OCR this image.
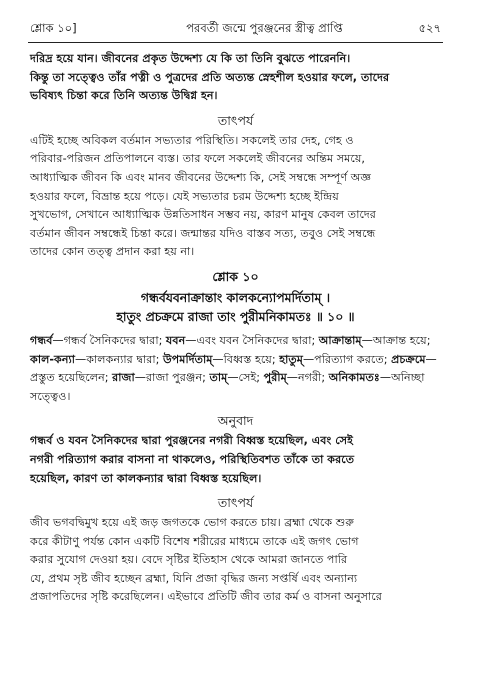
শ্লোক ১০]	পরবর্তী জন্মে পুরঞ্জনের স্ত্রীত্ব প্রাপ্তি	৫২৭

দরিদ্র হয়ে যান। জীবনের প্রকৃত উদ্দেশ্য যে কি তা তিনি বুঝতে পারেননি।

কিন্তু তা সত্ত্বেও তাঁর পত্নী ও পুত্রদের প্রতি অত্যন্ত স্নেহশীল হওয়ার ফলে, তাদের

ভবিষ্যৎ চিন্তা করে তিনি অত্যন্ত উদ্বিগ্ন হন।

তাৎপর্য

এটিই হচ্ছে অবিকল বর্তমান সভ্যতার পরিস্থিতি। সকলেই তার দেহ, গেহ ও

পরিবার-পরিজন প্রতিপালনে ব্যস্ত। তার ফলে সকলেই জীবনের অন্তিম সময়ে,

আধ্যাত্মিক জীবন কি এবং মানব জীবনের উদ্দেশ্য কি, সেই সম্বন্ধে সম্পূর্ণ অজ্ঞ

হওয়ার ফলে, বিভ্রান্ত হয়ে পড়ে। যেই সভ্যতার চরম উদ্দেশ্য হচ্ছে ইন্দ্রিয়

সুখভোগ, সেখানে আধ্যাত্মিক উন্নতিসাধন সম্ভব নয়, কারণ মানুষ কেবল তাদের

বর্তমান জীবন সম্বন্ধেই চিন্তা করে। জন্মান্তর যদিও বাস্তব সত্য, তবুও সেই সম্বন্ধে

তাদের কোন তত্ত্ব প্রদান করা হয় না।

শ্লোক ১০
গন্ধর্বযবনাক্রান্তাং কালকন্যোপমর্দিতাম্ ।
হাতুং প্রচক্রমে রাজা তাং পুরীমনিকামতঃ ॥ ১০ ॥
গন্ধর্ব—গন্ধর্ব সৈনিকদের দ্বারা; যবন—এবং যবন সৈনিকদের দ্বারা; আক্রান্তাম্—আক্রান্ত হয়ে; কাল-কন্যা—কালকন্যার দ্বারা; উপমর্দিতাম্—বিধ্বস্ত হয়ে; হাতুম্—পরিত্যাগ করতে; প্রচক্রমে—প্রস্তুত হয়েছিলেন; রাজা—রাজা পুরঞ্জন; তাম্—সেই; পুরীম্—নগরী; অনিকামতঃ—অনিচ্ছা সত্ত্বেও।
অনুবাদ

গন্ধর্ব ও যবন সৈনিকদের দ্বারা পুরঞ্জনের নগরী বিধ্বস্ত হয়েছিল, এবং সেই

নগরী পরিত্যাগ করার বাসনা না থাকলেও, পরিস্থিতিবশত তাঁকে তা করতে

হয়েছিল, কারণ তা কালকন্যার দ্বারা বিধ্বস্ত হয়েছিল।

তাৎপর্য

জীব ভগবদ্বিমুখ হয়ে এই জড় জগতকে ভোগ করতে চায়। ব্রহ্মা থেকে শুরু

করে কীটাণু পর্যন্ত কোন একটি বিশেষ শরীরের মাধ্যমে তাকে এই জগৎ ভোগ

করার সুযোগ দেওয়া হয়। বেদে সৃষ্টির ইতিহাস থেকে আমরা জানতে পারি

যে, প্রথম সৃষ্ট জীব হচ্ছেন ব্রহ্মা, যিনি প্রজা বৃদ্ধির জন্য সপ্তর্ষি এবং অন্যান্য

প্রজাপতিদের সৃষ্টি করেছিলেন। এইভাবে প্রতিটি জীব তার কর্ম ও বাসনা অনুসারে
